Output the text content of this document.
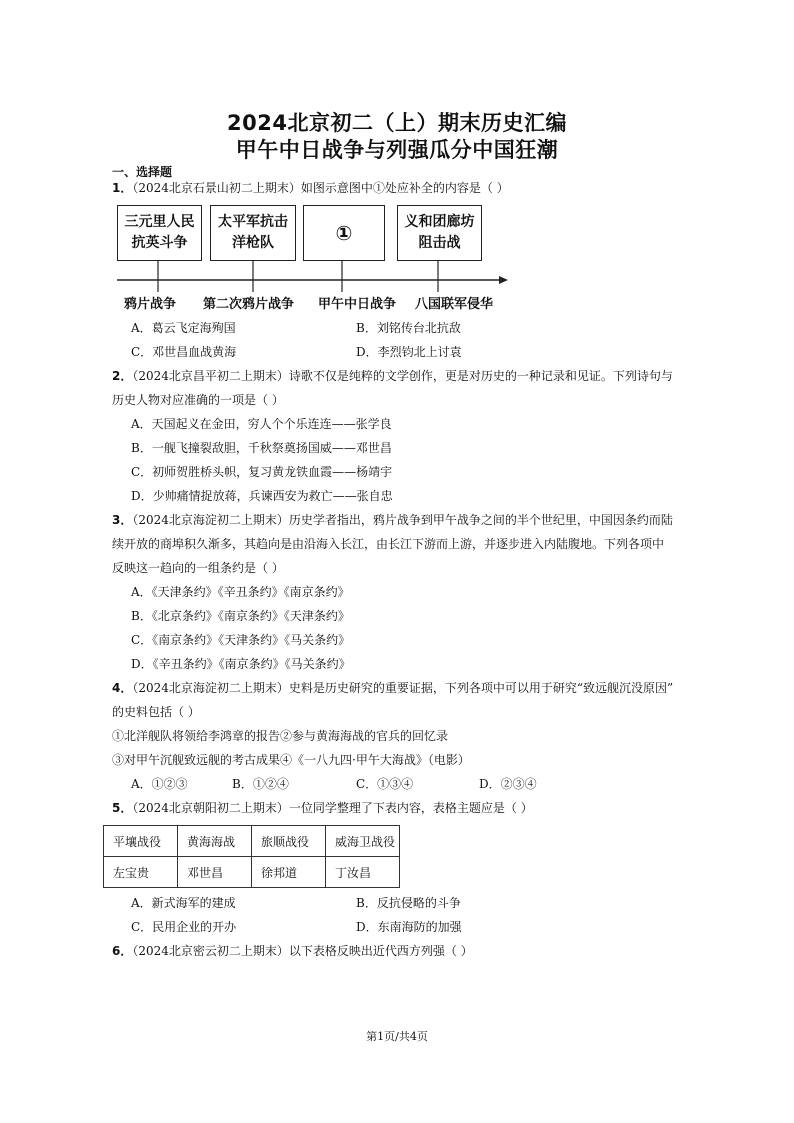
2024北京初二（上）期末历史汇编
甲午中日战争与列强瓜分中国狂潮
一、选择题
1．（2024北京石景山初二上期末）如图示意图中①处应补全的内容是（ ）
三元里人民
抗英斗争
太平军抗击
洋枪队	①	义和团廊坊
阻击战
鸦片战争 第二次鸦片战争 甲午中日战争 八国联军侵华
A．葛云飞定海殉国	B．刘铭传台北抗敌
C．邓世昌血战黄海	D．李烈钧北上讨袁
2．（2024北京昌平初二上期末）诗歌不仅是纯粹的文学创作，更是对历史的一种记录和见证。下列诗句与
历史人物对应准确的一项是（ ）
A．天国起义在金田，穷人个个乐连连——张学良
B．一舰飞撞裂敌胆，千秋祭奠扬国威——邓世昌
C．初师贺胜桥头帜，复习黄龙铁血霞——杨靖宇
D．少帅痛情捉放蒋，兵谏西安为救亡——张自忠
3．（2024北京海淀初二上期末）历史学者指出，鸦片战争到甲午战争之间的半个世纪里，中国因条约而陆
续开放的商埠积久渐多，其趋向是由沿海入长江，由长江下游而上游，并逐步进入内陆腹地。下列各项中
反映这一趋向的一组条约是（ ）
A．《天津条约》《辛丑条约》《南京条约》
B．《北京条约》《南京条约》《天津条约》
C．《南京条约》《天津条约》《马关条约》
D．《辛丑条约》《南京条约》《马关条约》
4．（2024北京海淀初二上期末）史料是历史研究的重要证据，下列各项中可以用于研究“致远舰沉没原因”
的史料包括（ ）
①北洋舰队将领给李鸿章的报告②参与黄海海战的官兵的回忆录
③对甲午沉舰致远舰的考古成果④《一八九四·甲午大海战》（电影）
A．①②③	B．①②④	C．①③④	D．②③④
5．（2024北京朝阳初二上期末）一位同学整理了下表内容，表格主题应是（ ）
平壤战役	黄海海战	旅顺战役	威海卫战役
左宝贵	邓世昌	徐邦道	丁汝昌
A．新式海军的建成	B．反抗侵略的斗争
C．民用企业的开办	D．东南海防的加强
6．（2024北京密云初二上期末）以下表格反映出近代西方列强（ ）
第1页/共4页
